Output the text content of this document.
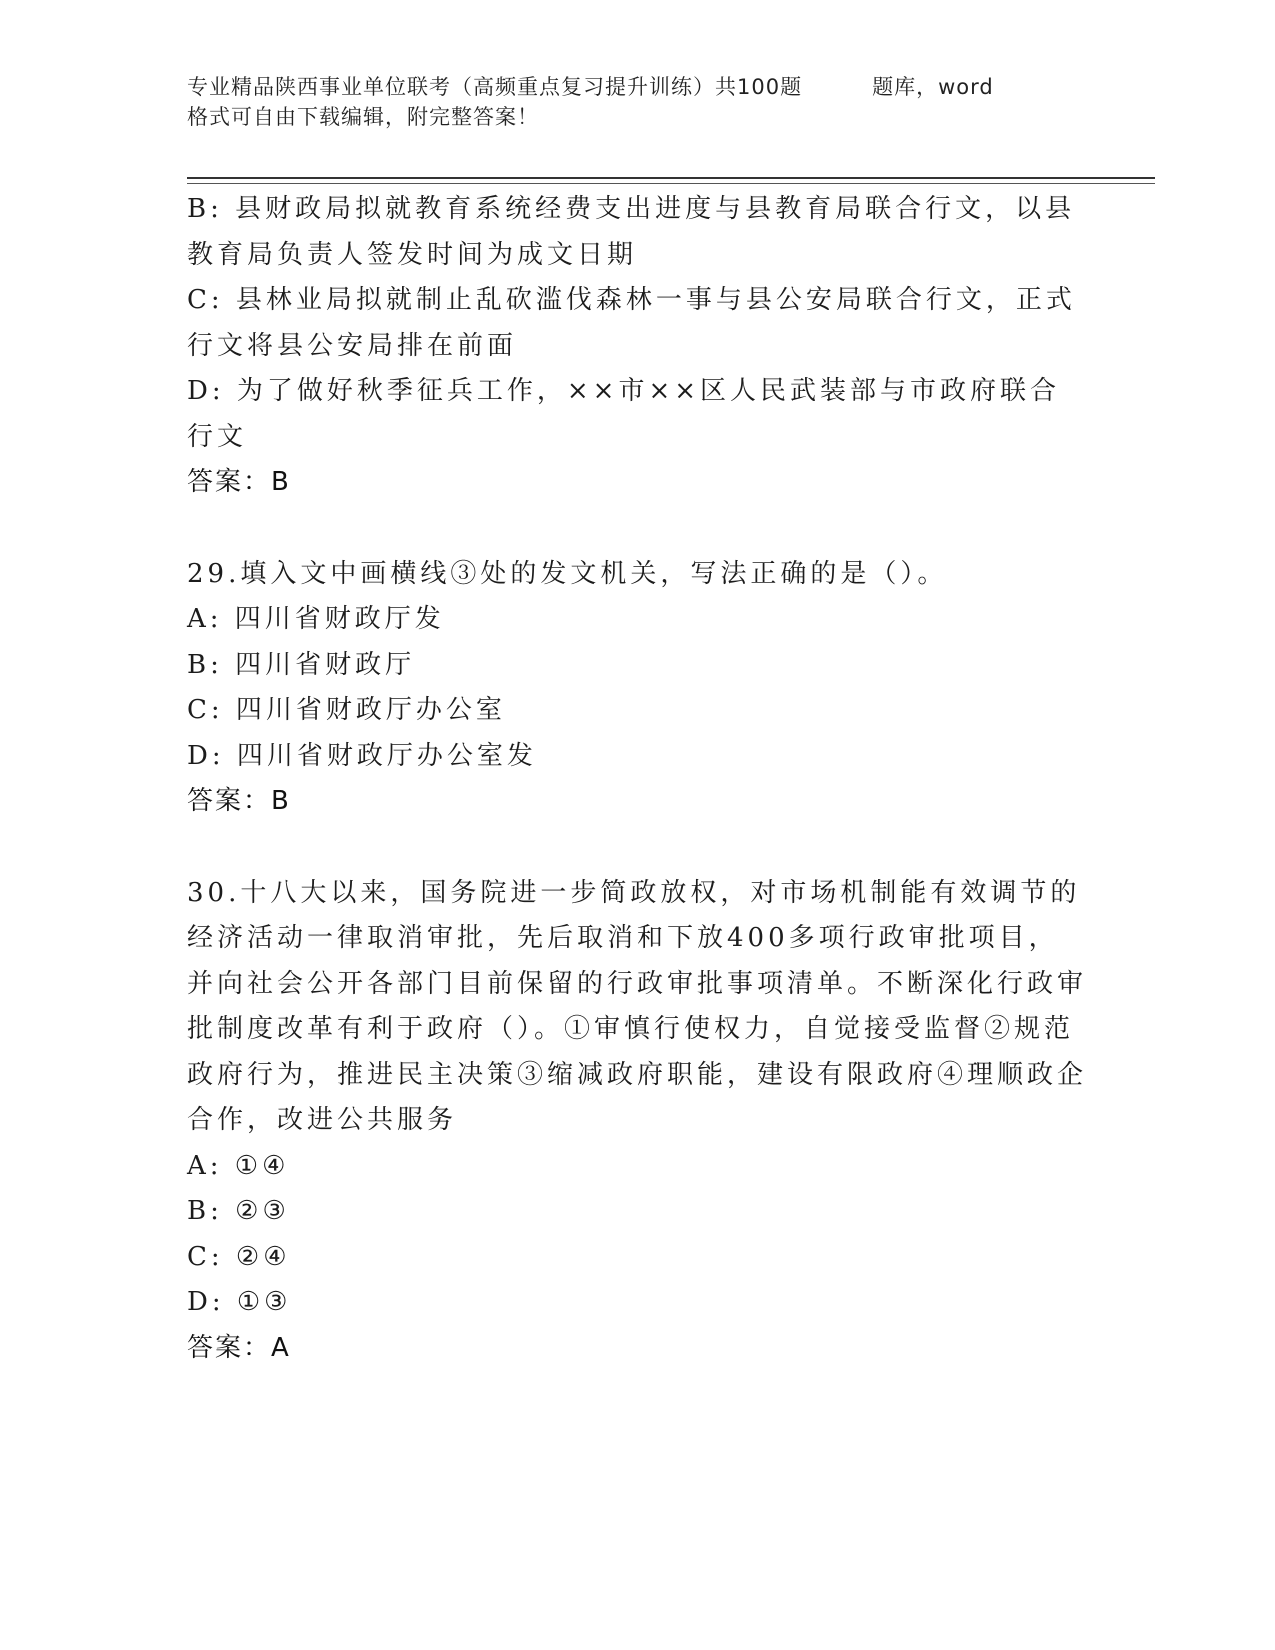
专业精品陕西事业单位联考（高频重点复习提升训练）共100题	题库，word
格式可自由下载编辑，附完整答案！

B: 县财政局拟就教育系统经费支出进度与县教育局联合行文，以县教育局负责人签发时间为成文日期

C: 县林业局拟就制止乱砍滥伐森林一事与县公安局联合行文，正式行文将县公安局排在前面

D: 为了做好秋季征兵工作，××市××区人民武装部与市政府联合行文

答案：B

29.填入文中画横线③处的发文机关，写法正确的是（）。

A: 四川省财政厅发

B: 四川省财政厅

C: 四川省财政厅办公室

D: 四川省财政厅办公室发

答案：B

30.十八大以来，国务院进一步简政放权，对市场机制能有效调节的经济活动一律取消审批，先后取消和下放400多项行政审批项目，并向社会公开各部门目前保留的行政审批事项清单。不断深化行政审批制度改革有利于政府（）。①审慎行使权力，自觉接受监督②规范政府行为，推进民主决策③缩减政府职能，建设有限政府④理顺政企合作，改进公共服务

A: ①④

B: ②③

C: ②④

D: ①③

答案：A
